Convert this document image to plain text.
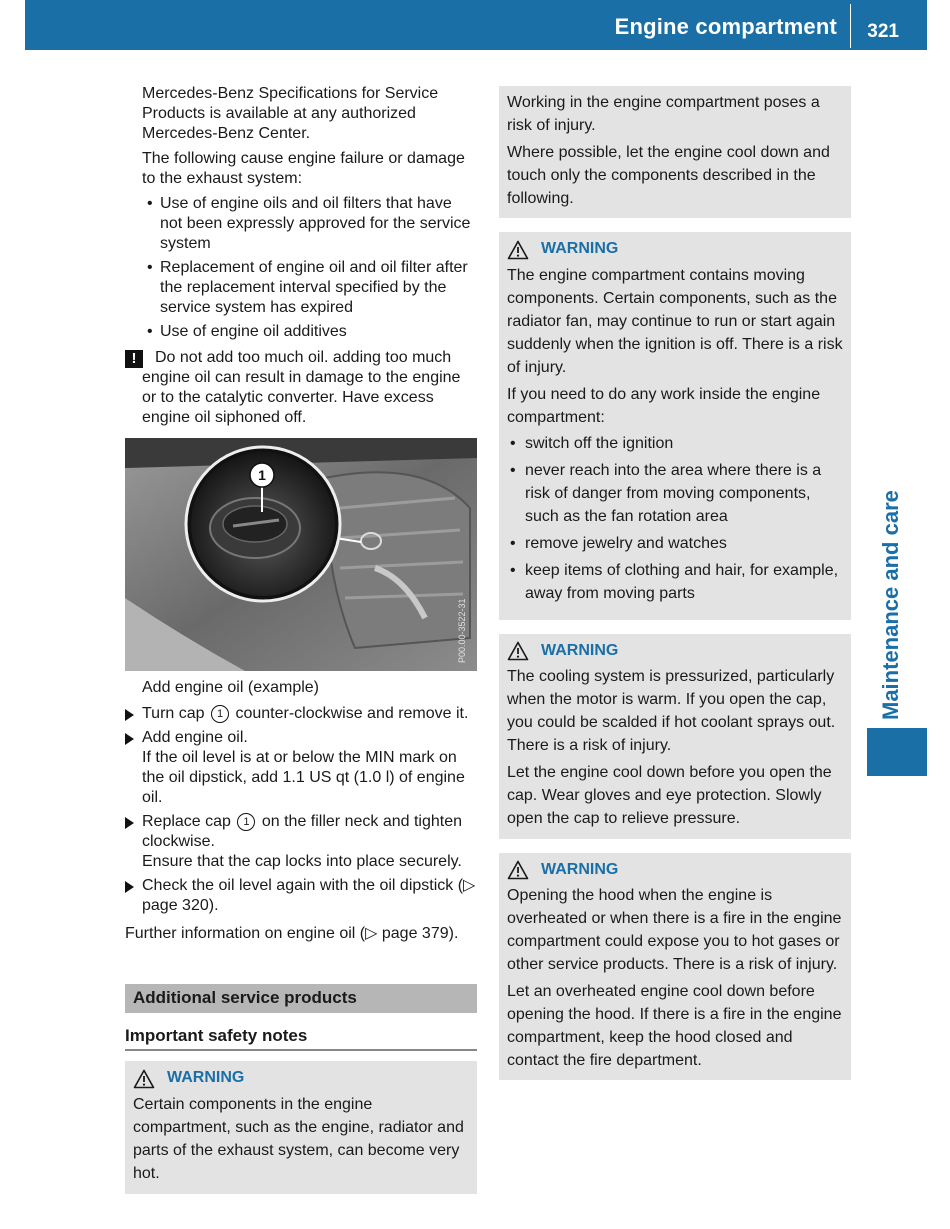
Engine compartment 321
Maintenance and care

Mercedes-Benz Specifications for Service Products is available at any authorized Mercedes-Benz Center.

The following cause engine failure or damage to the exhaust system:

• Use of engine oils and oil filters that have not been expressly approved for the service system
• Replacement of engine oil and oil filter after the replacement interval specified by the service system has expired
• Use of engine oil additives
!	Do not add too much oil. adding too much engine oil can result in damage to the engine or to the catalytic converter. Have excess engine oil siphoned off.

1
P00.00-3522-31

Add engine oil (example)

Turn cap 1 counter-clockwise and remove it.
Add engine oil.
If the oil level is at or below the MIN mark on the oil dipstick, add 1.1 US qt (1.0 l) of engine oil.
Replace cap 1 on the filler neck and tighten clockwise.
Ensure that the cap locks into place securely.
Check the oil level again with the oil dipstick (▷ page 320).

Further information on engine oil (▷ page 379).

Additional service products
Important safety notes
WARNING

Certain components in the engine compartment, such as the engine, radiator and parts of the exhaust system, can become very hot.

Working in the engine compartment poses a risk of injury.

Where possible, let the engine cool down and touch only the components described in the following.

WARNING

The engine compartment contains moving components. Certain components, such as the radiator fan, may continue to run or start again suddenly when the ignition is off. There is a risk of injury.

If you need to do any work inside the engine compartment:

• switch off the ignition
• never reach into the area where there is a risk of danger from moving components, such as the fan rotation area
• remove jewelry and watches
• keep items of clothing and hair, for example, away from moving parts
WARNING

The cooling system is pressurized, particularly when the motor is warm. If you open the cap, you could be scalded if hot coolant sprays out. There is a risk of injury.

Let the engine cool down before you open the cap. Wear gloves and eye protection. Slowly open the cap to relieve pressure.

WARNING

Opening the hood when the engine is overheated or when there is a fire in the engine compartment could expose you to hot gases or other service products. There is a risk of injury.

Let an overheated engine cool down before opening the hood. If there is a fire in the engine compartment, keep the hood closed and contact the fire department.
